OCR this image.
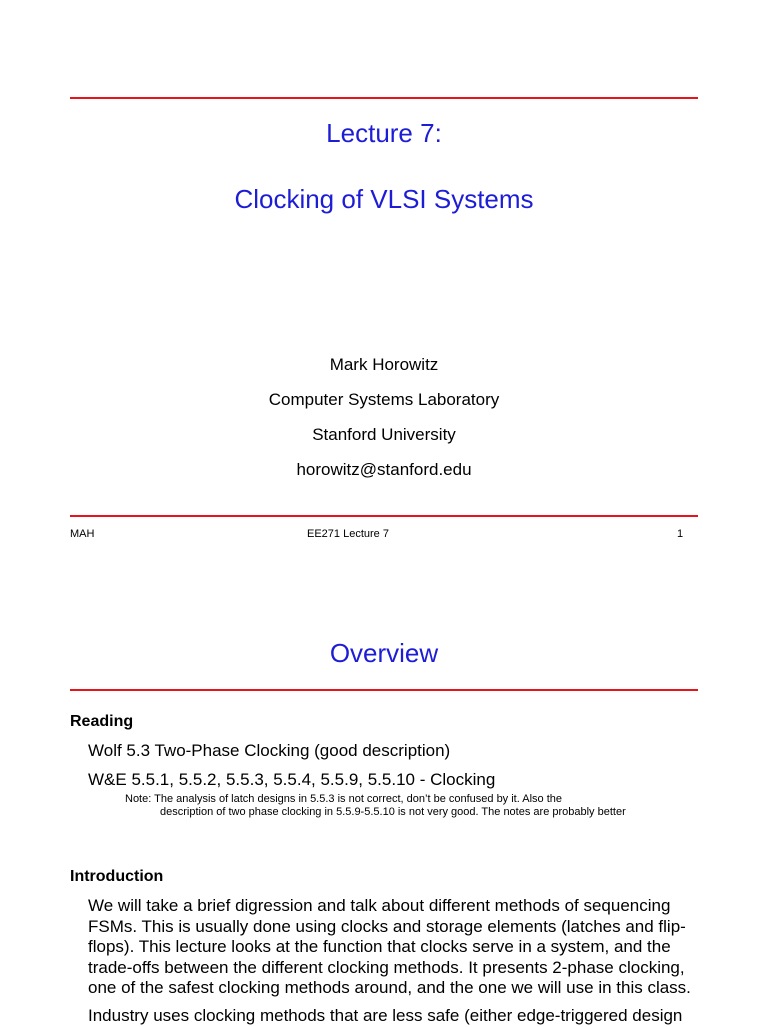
Lecture 7:
Clocking of VLSI Systems
Mark Horowitz
Computer Systems Laboratory
Stanford University
horowitz@stanford.edu
MAH	EE271 Lecture 7	1
Overview
Reading
Wolf 5.3 Two-Phase Clocking (good description)
W&E 5.5.1, 5.5.2, 5.5.3, 5.5.4, 5.5.9, 5.5.10 - Clocking
Note: The analysis of latch designs in 5.5.3 is not correct, don’t be confused by it. Also the
description of two phase clocking in 5.5.9-5.5.10 is not very good. The notes are probably better
Introduction
We will take a brief digression and talk about different methods of sequencing FSMs. This is usually done using clocks and storage elements (latches and flip-flops). This lecture looks at the function that clocks serve in a system, and the trade-offs between the different clocking methods. It presents 2-phase clocking, one of the safest clocking methods around, and the one we will use in this class.
Industry uses clocking methods that are less safe (either edge-triggered design
